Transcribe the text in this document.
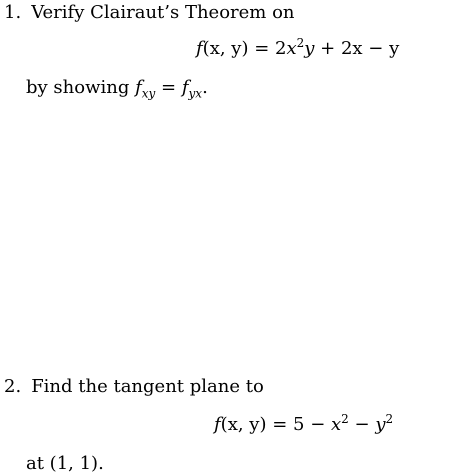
1. Verify Clairaut’s Theorem on
f(x, $y) = 2x^2y + 2x - y$
by showing $f_{xy} = f_{yx}$.
2. Find the tangent plane to
f(x, $y) = 5 - x^2 - y^2$
at (1, 1).
